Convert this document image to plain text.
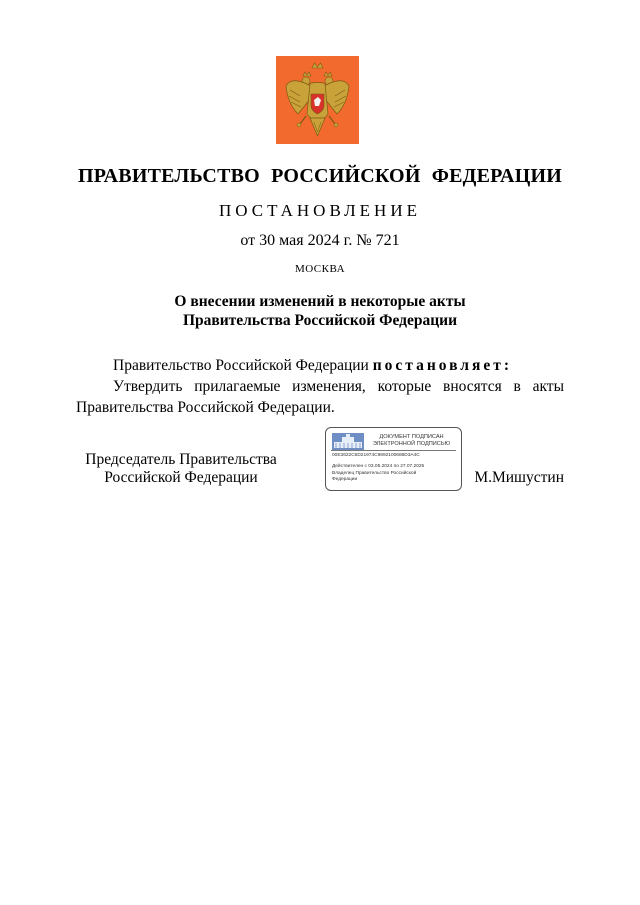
ПРАВИТЕЛЬСТВО РОССИЙСКОЙ ФЕДЕРАЦИИ
ПОСТАНОВЛЕНИЕ
от 30 мая 2024 г. № 721
МОСКВА
О внесении изменений в некоторые акты
Правительства Российской Федерации

Правительство Российской Федерации постановляет:

Утвердить прилагаемые изменения, которые вносятся в акты Правительства Российской Федерации.

Председатель Правительства
Российской Федерации
ДОКУМЕНТ ПОДПИСАН
ЭЛЕКТРОННОЙ ПОДПИСЬЮ
00E3622C6D21974C9892100686D3A4C
Действителен с 03.05.2024 по 27.07.2025
Владелец Правительство Российской
Федерации	М.Мишустин
